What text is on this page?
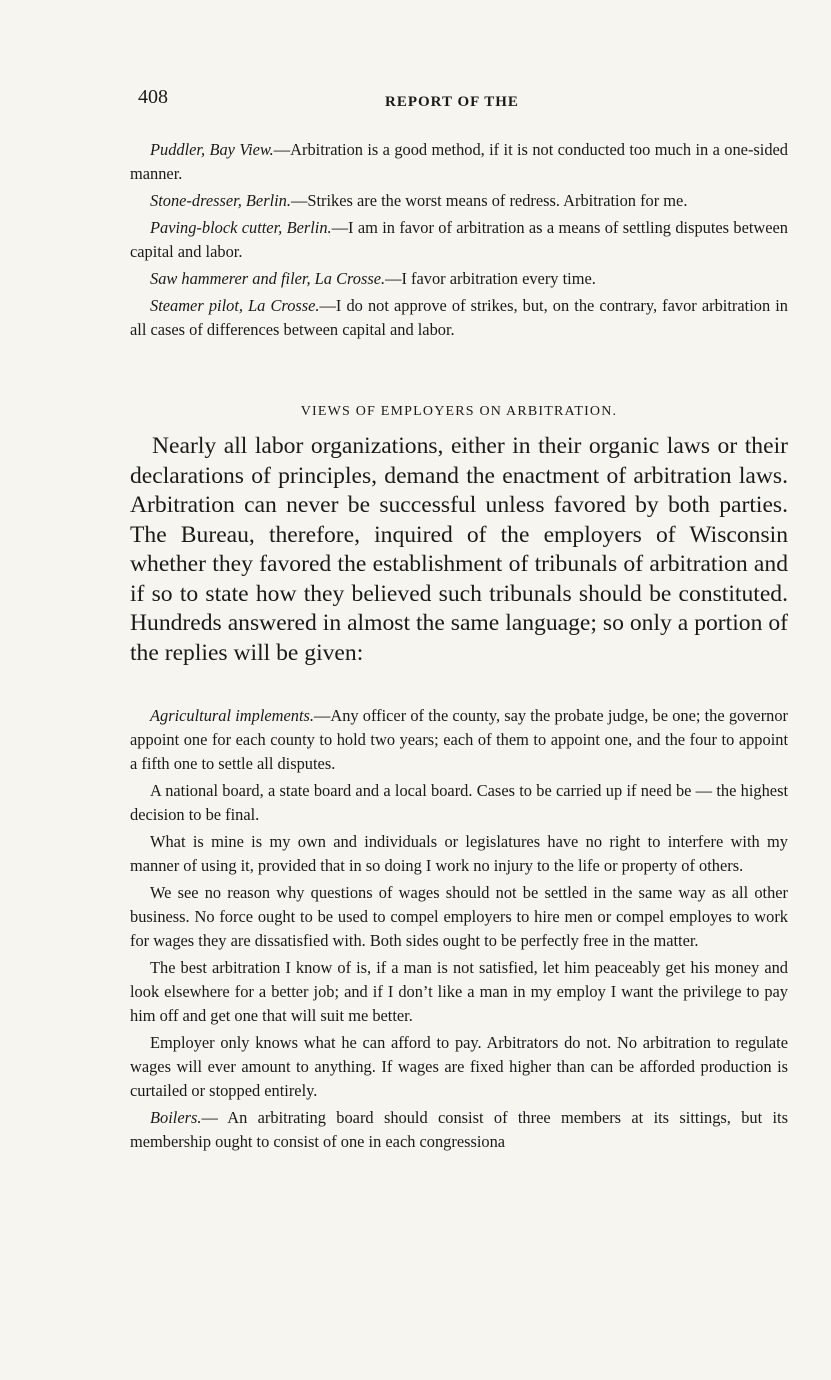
408	REPORT OF THE

Puddler, Bay View.—Arbitration is a good method, if it is not conducted too much in a one-sided manner.

Stone-dresser, Berlin.—Strikes are the worst means of redress. Arbitration for me.

Paving-block cutter, Berlin.—I am in favor of arbitration as a means of settling disputes between capital and labor.

Saw hammerer and filer, La Crosse.—I favor arbitration every time.

Steamer pilot, La Crosse.—I do not approve of strikes, but, on the contrary, favor arbitration in all cases of differences between capital and labor.

VIEWS OF EMPLOYERS ON ARBITRATION.

Nearly all labor organizations, either in their organic laws or their declarations of principles, demand the enactment of arbitration laws. Arbitration can never be successful unless favored by both parties. The Bureau, therefore, inquired of the employers of Wisconsin whether they favored the establishment of tribunals of arbitration and if so to state how they believed such tribunals should be constituted. Hundreds answered in almost the same language; so only a portion of the replies will be given:

Agricultural implements.—Any officer of the county, say the probate judge, be one; the governor appoint one for each county to hold two years; each of them to appoint one, and the four to appoint a fifth one to settle all disputes.

A national board, a state board and a local board. Cases to be carried up if need be — the highest decision to be final.

What is mine is my own and individuals or legislatures have no right to interfere with my manner of using it, provided that in so doing I work no injury to the life or property of others.

We see no reason why questions of wages should not be settled in the same way as all other business. No force ought to be used to compel employers to hire men or compel employes to work for wages they are dissatisfied with. Both sides ought to be perfectly free in the matter.

The best arbitration I know of is, if a man is not satisfied, let him peaceably get his money and look elsewhere for a better job; and if I don’t like a man in my employ I want the privilege to pay him off and get one that will suit me better.

Employer only knows what he can afford to pay. Arbitrators do not. No arbitration to regulate wages will ever amount to anything. If wages are fixed higher than can be afforded production is curtailed or stopped entirely.

Boilers.— An arbitrating board should consist of three members at its sittings, but its membership ought to consist of one in each congressiona
